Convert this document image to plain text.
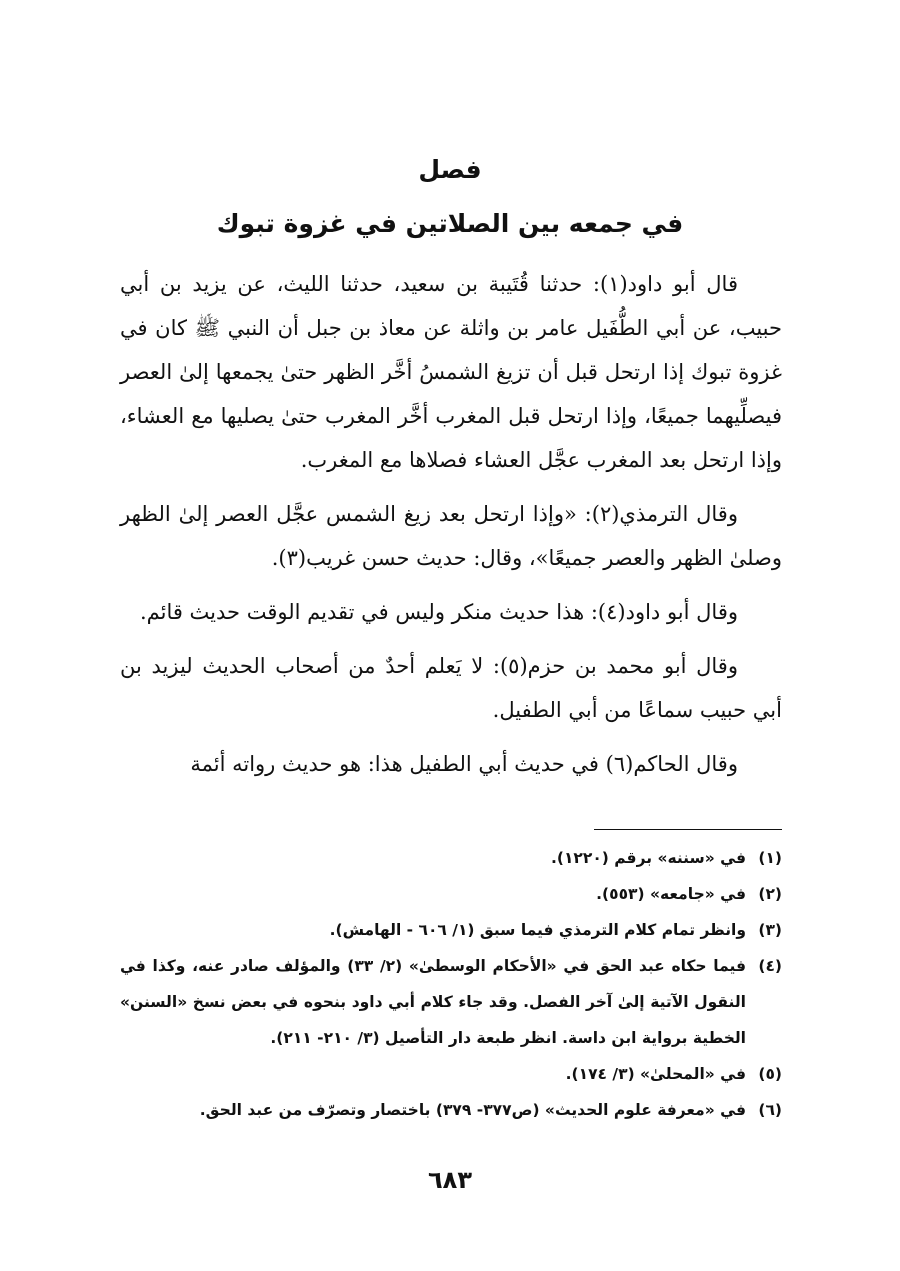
فصل
في جمعه بين الصلاتين في غزوة تبوك

قال أبو داود(١): حدثنا قُتَيبة بن سعيد، حدثنا الليث، عن يزيد بن أبي حبيب، عن أبي الطُّفَيل عامر بن واثلة عن معاذ بن جبل أن النبي ﷺ كان في غزوة تبوك إذا ارتحل قبل أن تزيغ الشمسُ أخَّر الظهر حتىٰ يجمعها إلىٰ العصر فيصلِّيهما جميعًا، وإذا ارتحل قبل المغرب أخَّر المغرب حتىٰ يصليها مع العشاء، وإذا ارتحل بعد المغرب عجَّل العشاء فصلاها مع المغرب.

وقال الترمذي(٢): «وإذا ارتحل بعد زيغ الشمس عجَّل العصر إلىٰ الظهر وصلىٰ الظهر والعصر جميعًا»، وقال: حديث حسن غريب(٣).

وقال أبو داود(٤): هذا حديث منكر وليس في تقديم الوقت حديث قائم.

وقال أبو محمد بن حزم(٥): لا يَعلم أحدٌ من أصحاب الحديث ليزيد بن أبي حبيب سماعًا من أبي الطفيل.

وقال الحاكم(٦) في حديث أبي الطفيل هذا: هو حديث رواته أئمة

(١)
في «سننه» برقم (١٢٢٠).
(٢)
في «جامعه» (٥٥٣).
(٣)
وانظر تمام كلام الترمذي فيما سبق (١/ ٦٠٦ - الهامش).
(٤)
فيما حكاه عبد الحق في «الأحكام الوسطىٰ» (٢/ ٣٣) والمؤلف صادر عنه، وكذا في النقول الآتية إلىٰ آخر الفصل. وقد جاء كلام أبي داود بنحوه في بعض نسخ «السنن» الخطية برواية ابن داسة. انظر طبعة دار التأصيل (٣/ ٢١٠- ٢١١).
(٥)
في «المحلىٰ» (٣/ ١٧٤).
(٦)
في «معرفة علوم الحديث» (ص٣٧٧- ٣٧٩) باختصار وتصرّف من عبد الحق.
٦٨٣
